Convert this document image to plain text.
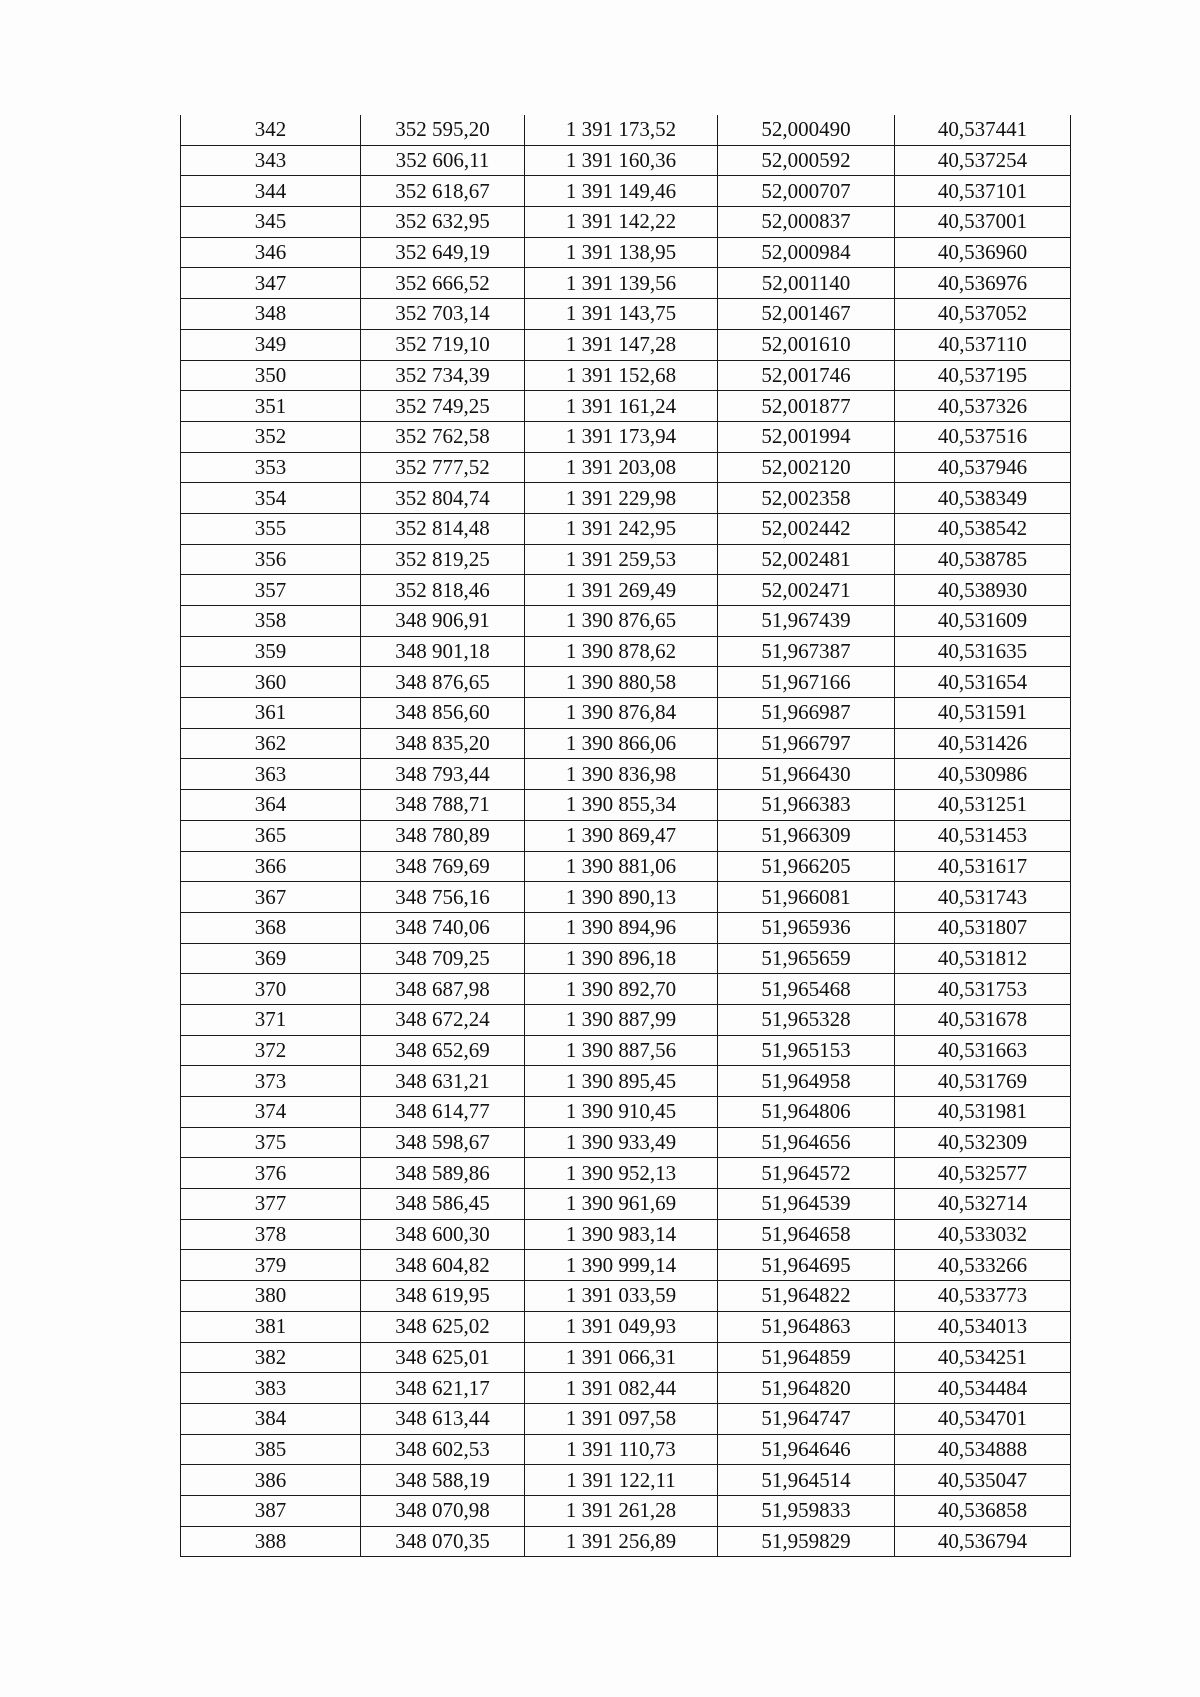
342	352 595,20	1 391 173,52	52,000490	40,537441
343	352 606,11	1 391 160,36	52,000592	40,537254
344	352 618,67	1 391 149,46	52,000707	40,537101
345	352 632,95	1 391 142,22	52,000837	40,537001
346	352 649,19	1 391 138,95	52,000984	40,536960
347	352 666,52	1 391 139,56	52,001140	40,536976
348	352 703,14	1 391 143,75	52,001467	40,537052
349	352 719,10	1 391 147,28	52,001610	40,537110
350	352 734,39	1 391 152,68	52,001746	40,537195
351	352 749,25	1 391 161,24	52,001877	40,537326
352	352 762,58	1 391 173,94	52,001994	40,537516
353	352 777,52	1 391 203,08	52,002120	40,537946
354	352 804,74	1 391 229,98	52,002358	40,538349
355	352 814,48	1 391 242,95	52,002442	40,538542
356	352 819,25	1 391 259,53	52,002481	40,538785
357	352 818,46	1 391 269,49	52,002471	40,538930
358	348 906,91	1 390 876,65	51,967439	40,531609
359	348 901,18	1 390 878,62	51,967387	40,531635
360	348 876,65	1 390 880,58	51,967166	40,531654
361	348 856,60	1 390 876,84	51,966987	40,531591
362	348 835,20	1 390 866,06	51,966797	40,531426
363	348 793,44	1 390 836,98	51,966430	40,530986
364	348 788,71	1 390 855,34	51,966383	40,531251
365	348 780,89	1 390 869,47	51,966309	40,531453
366	348 769,69	1 390 881,06	51,966205	40,531617
367	348 756,16	1 390 890,13	51,966081	40,531743
368	348 740,06	1 390 894,96	51,965936	40,531807
369	348 709,25	1 390 896,18	51,965659	40,531812
370	348 687,98	1 390 892,70	51,965468	40,531753
371	348 672,24	1 390 887,99	51,965328	40,531678
372	348 652,69	1 390 887,56	51,965153	40,531663
373	348 631,21	1 390 895,45	51,964958	40,531769
374	348 614,77	1 390 910,45	51,964806	40,531981
375	348 598,67	1 390 933,49	51,964656	40,532309
376	348 589,86	1 390 952,13	51,964572	40,532577
377	348 586,45	1 390 961,69	51,964539	40,532714
378	348 600,30	1 390 983,14	51,964658	40,533032
379	348 604,82	1 390 999,14	51,964695	40,533266
380	348 619,95	1 391 033,59	51,964822	40,533773
381	348 625,02	1 391 049,93	51,964863	40,534013
382	348 625,01	1 391 066,31	51,964859	40,534251
383	348 621,17	1 391 082,44	51,964820	40,534484
384	348 613,44	1 391 097,58	51,964747	40,534701
385	348 602,53	1 391 110,73	51,964646	40,534888
386	348 588,19	1 391 122,11	51,964514	40,535047
387	348 070,98	1 391 261,28	51,959833	40,536858
388	348 070,35	1 391 256,89	51,959829	40,536794
